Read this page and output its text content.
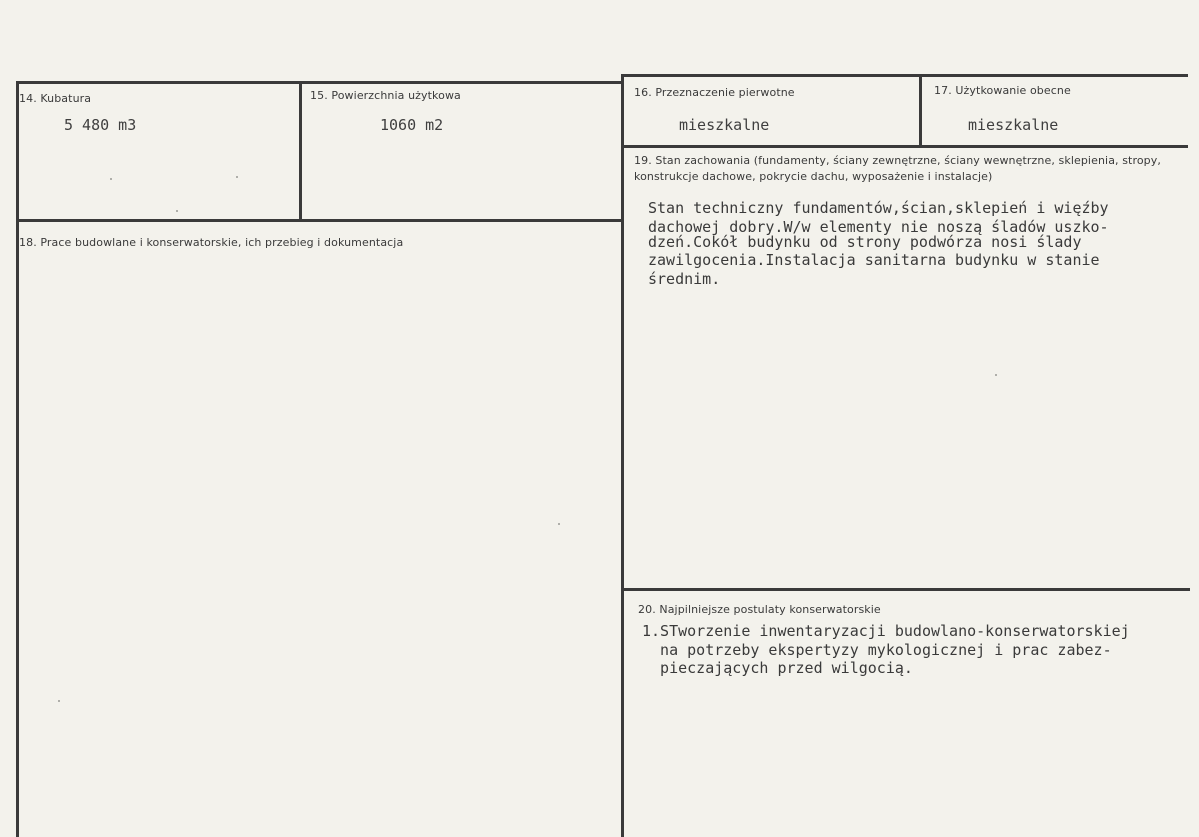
14. Kubatura
5 480 m3
15. Powierzchnia użytkowa
1060 m2
16. Przeznaczenie pierwotne
mieszkalne
17. Użytkowanie obecne
mieszkalne
18. Prace budowlane i konserwatorskie, ich przebieg i dokumentacja
19. Stan zachowania (fundamenty, ściany zewnętrzne, ściany wewnętrzne, sklepienia, stropy, konstrukcje dachowe, pokrycie dachu, wyposażenie i instalacje)
Stan techniczny fundamentów,ścian,sklepień i więźby
dachowej dobry.W/w elementy nie noszą śladów uszko-
dzeń.Cokół budynku od strony podwórza nosi ślady
zawilgocenia.Instalacja sanitarna budynku w stanie
średnim.
20. Najpilniejsze postulaty konserwatorskie
1.STworzenie inwentaryzacji budowlano-konserwatorskiej
na potrzeby ekspertyzy mykologicznej i prac zabez-
pieczających przed wilgocią.
